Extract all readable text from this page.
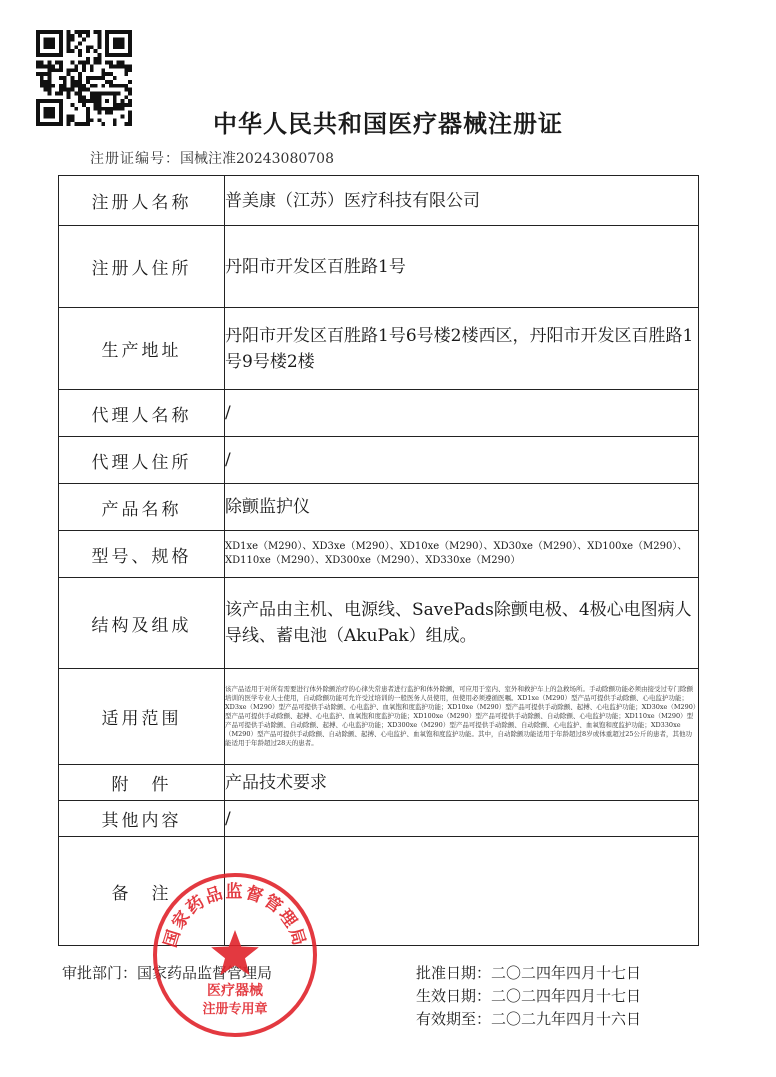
中华人民共和国医疗器械注册证
注册证编号：国械注准20243080708
注册人名称	普美康（江苏）医疗科技有限公司
注册人住所	丹阳市开发区百胜路1号
生产地址	丹阳市开发区百胜路1号6号楼2楼西区，丹阳市开发区百胜路1号9号楼2楼
代理人名称	/
代理人住所	/
产品名称	除颤监护仪
型号、规格	XD1xe（M290）、XD3xe（M290）、XD10xe（M290）、XD30xe（M290）、XD100xe（M290）、XD110xe（M290）、XD300xe（M290）、XD330xe（M290）
结构及组成	该产品由主机、电源线、SavePads除颤电极、4极心电图病人导线、蓄电池（AkuPak）组成。
适用范围	该产品适用于对所有需要进行体外除颤治疗的心律失常患者进行监护和体外除颤，可应用于室内、室外和救护车上的急救场所。手动除颤功能必须由接受过专门除颤培训的医学专业人士使用，自动除颤功能可允许受过培训的一般医务人员使用，但使用必须遵循医嘱。XD1xe（M290）型产品可提供手动除颤、心电监护功能；XD3xe（M290）型产品可提供手动除颤、心电监护、血氧饱和度监护功能；XD10xe（M290）型产品可提供手动除颤、起搏、心电监护功能；XD30xe（M290）型产品可提供手动除颤、起搏、心电监护、血氧饱和度监护功能；XD100xe（M290）型产品可提供手动除颤、自动除颤、心电监护功能；XD110xe（M290）型产品可提供手动除颤、自动除颤、起搏、心电监护功能；XD300xe（M290）型产品可提供手动除颤、自动除颤、心电监护、血氧饱和度监护功能；XD330xe（M290）型产品可提供手动除颤、自动除颤、起搏、心电监护、血氧饱和度监护功能。其中，自动除颤功能适用于年龄超过8岁或体重超过25公斤的患者，其他功能适用于年龄超过28天的患者。
附　件	产品技术要求
其他内容	/
备　注	
审批部门：国家药品监督管理局	批准日期：二〇二四年四月十七日
生效日期：二〇二四年四月十七日
有效期至：二〇二九年四月十六日
国家药品监督管理局
医疗器械
注册专用章
